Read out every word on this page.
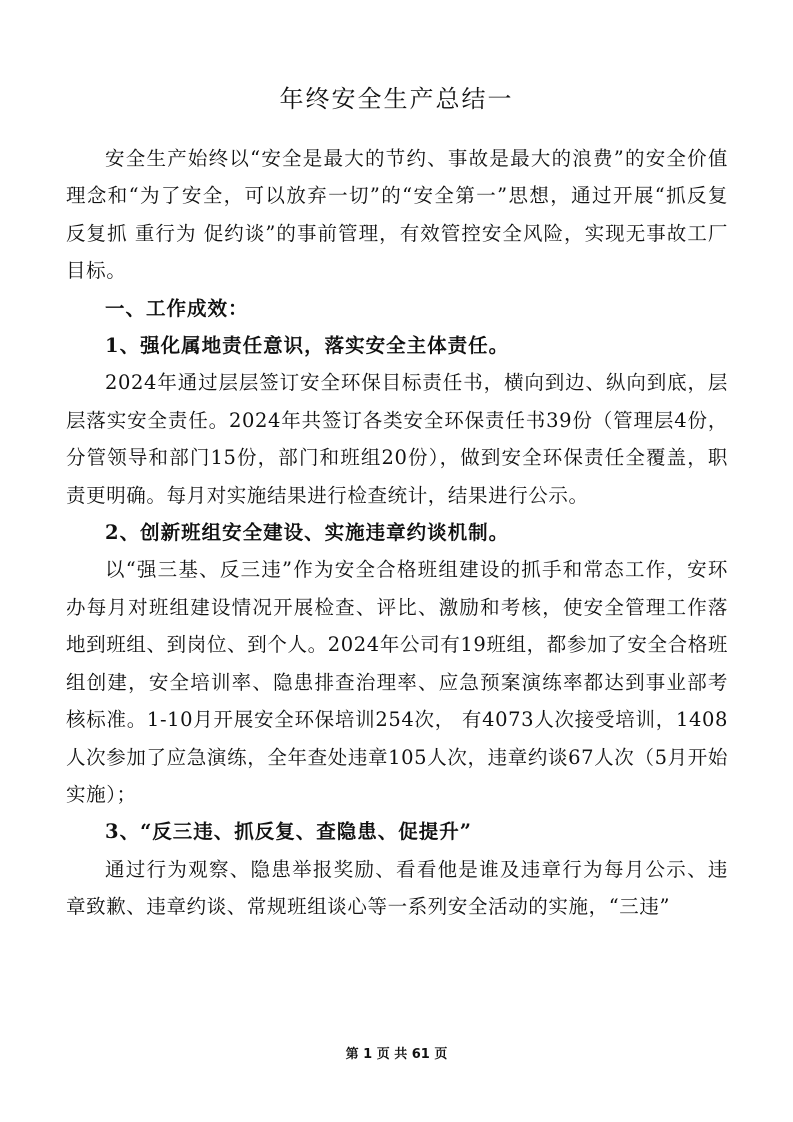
年终安全生产总结一

安全生产始终以“安全是最大的节约、事故是最大的浪费”的安全价值理念和“为了安全，可以放弃一切”的“安全第一”思想，通过开展“抓反复 反复抓 重行为 促约谈”的事前管理，有效管控安全风险，实现无事故工厂目标。

一、工作成效：

1、强化属地责任意识，落实安全主体责任。

2024年通过层层签订安全环保目标责任书，横向到边、纵向到底，层层落实安全责任。2024年共签订各类安全环保责任书39份（管理层4份，分管领导和部门15份，部门和班组20份），做到安全环保责任全覆盖，职责更明确。每月对实施结果进行检查统计，结果进行公示。

2、创新班组安全建设、实施违章约谈机制。

以“强三基、反三违”作为安全合格班组建设的抓手和常态工作，安环办每月对班组建设情况开展检查、评比、激励和考核，使安全管理工作落地到班组、到岗位、到个人。2024年公司有19班组，都参加了安全合格班组创建，安全培训率、隐患排查治理率、应急预案演练率都达到事业部考核标准。1-10月开展安全环保培训254次， 有4073人次接受培训，1408人次参加了应急演练，全年查处违章105人次，违章约谈67人次（5月开始实施）；

3、“反三违、抓反复、查隐患、促提升”

通过行为观察、隐患举报奖励、看看他是谁及违章行为每月公示、违章致歉、违章约谈、常规班组谈心等一系列安全活动的实施，“三违”

第 1 页 共 61 页
